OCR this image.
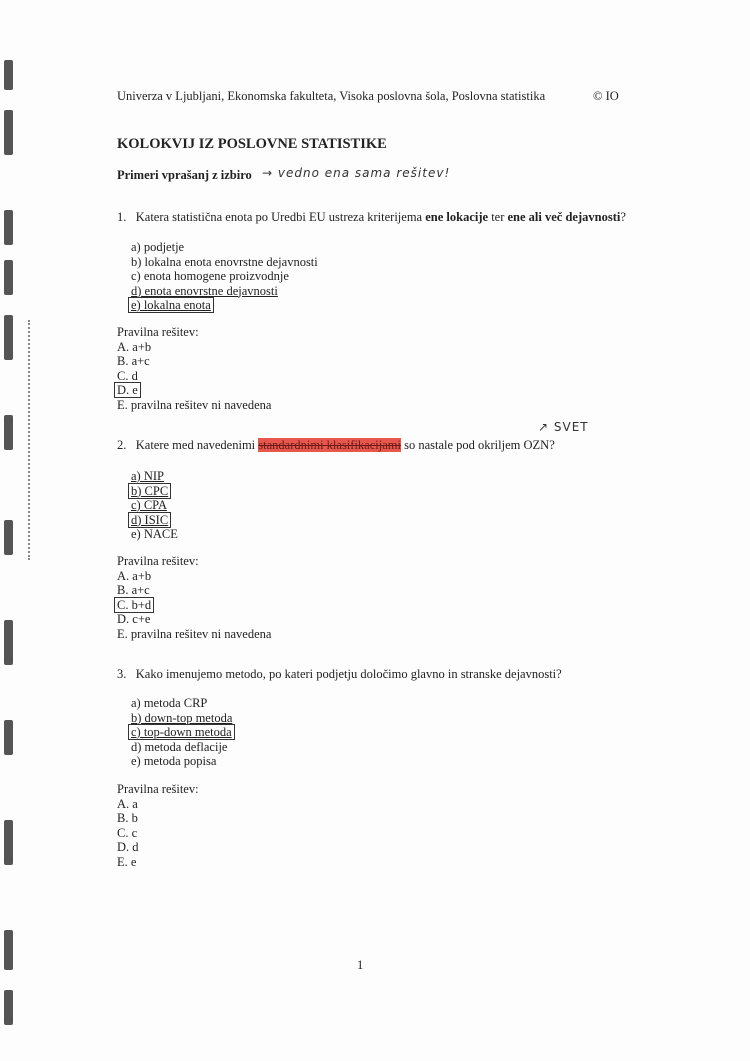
Univerza v Ljubljani, Ekonomska fakulteta, Visoka poslovna šola, Poslovna statistika	© IO
KOLOKVIJ IZ POSLOVNE STATISTIKE
Primeri vprašanj z izbiro → vedno ena sama rešitev!
1. Katera statistična enota po Uredbi EU ustreza kriterijema ene lokacije ter ene ali več dejavnosti?
a) podjetje
b) lokalna enota enovrstne dejavnosti
c) enota homogene proizvodnje
d) enota enovrstne dejavnosti
e) lokalna enota
Pravilna rešitev:
A. a+b
B. a+c
C. d
D. e
E. pravilna rešitev ni navedena
↗ SVET
2. Katere med navedenimi standardnimi klasifikacijami so nastale pod okriljem OZN?
a) NIP
b) CPC
c) CPA
d) ISIC
e) NACE
Pravilna rešitev:
A. a+b
B. a+c
C. b+d
D. c+e
E. pravilna rešitev ni navedena
3. Kako imenujemo metodo, po kateri podjetju določimo glavno in stranske dejavnosti?
a) metoda CRP
b) down-top metoda
c) top-down metoda
d) metoda deflacije
e) metoda popisa
Pravilna rešitev:
A. a
B. b
C. c
D. d
E. e
1
